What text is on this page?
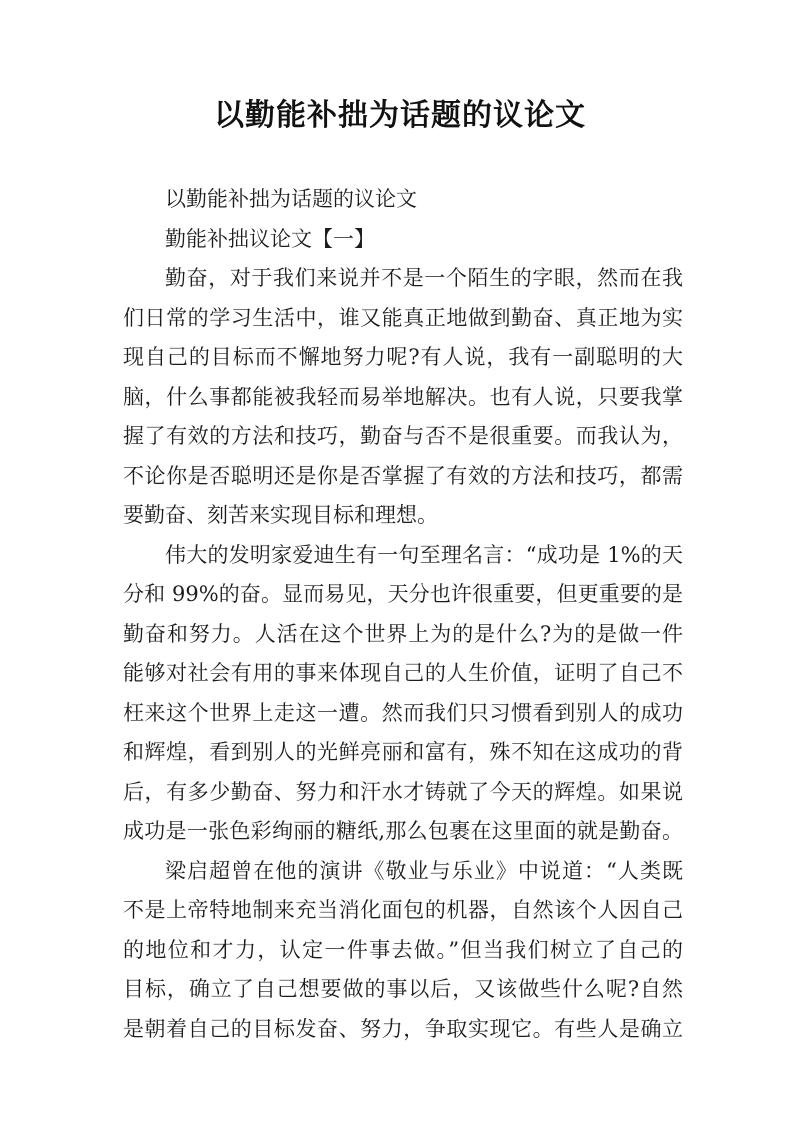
以勤能补拙为话题的议论文
以勤能补拙为话题的议论文
勤能补拙议论文【一】
勤奋，对于我们来说并不是一个陌生的字眼，然而在我
们日常的学习生活中，谁又能真正地做到勤奋、真正地为实
现自己的目标而不懈地努力呢?有人说，我有一副聪明的大
脑，什么事都能被我轻而易举地解决。也有人说，只要我掌
握了有效的方法和技巧，勤奋与否不是很重要。而我认为，
不论你是否聪明还是你是否掌握了有效的方法和技巧，都需
要勤奋、刻苦来实现目标和理想。
伟大的发明家爱迪生有一句至理名言：“成功是 1%的天
分和 99%的奋。显而易见，天分也许很重要，但更重要的是
勤奋和努力。人活在这个世界上为的是什么?为的是做一件
能够对社会有用的事来体现自己的人生价值，证明了自己不
枉来这个世界上走这一遭。然而我们只习惯看到别人的成功
和辉煌，看到别人的光鲜亮丽和富有，殊不知在这成功的背
后，有多少勤奋、努力和汗水才铸就了今天的辉煌。如果说
成功是一张色彩绚丽的糖纸,那么包裹在这里面的就是勤奋。
梁启超曾在他的演讲《敬业与乐业》中说道：“人类既
不是上帝特地制来充当消化面包的机器，自然该个人因自己
的地位和才力，认定一件事去做。”但当我们树立了自己的
目标，确立了自己想要做的事以后，又该做些什么呢?自然
是朝着自己的目标发奋、努力，争取实现它。有些人是确立
